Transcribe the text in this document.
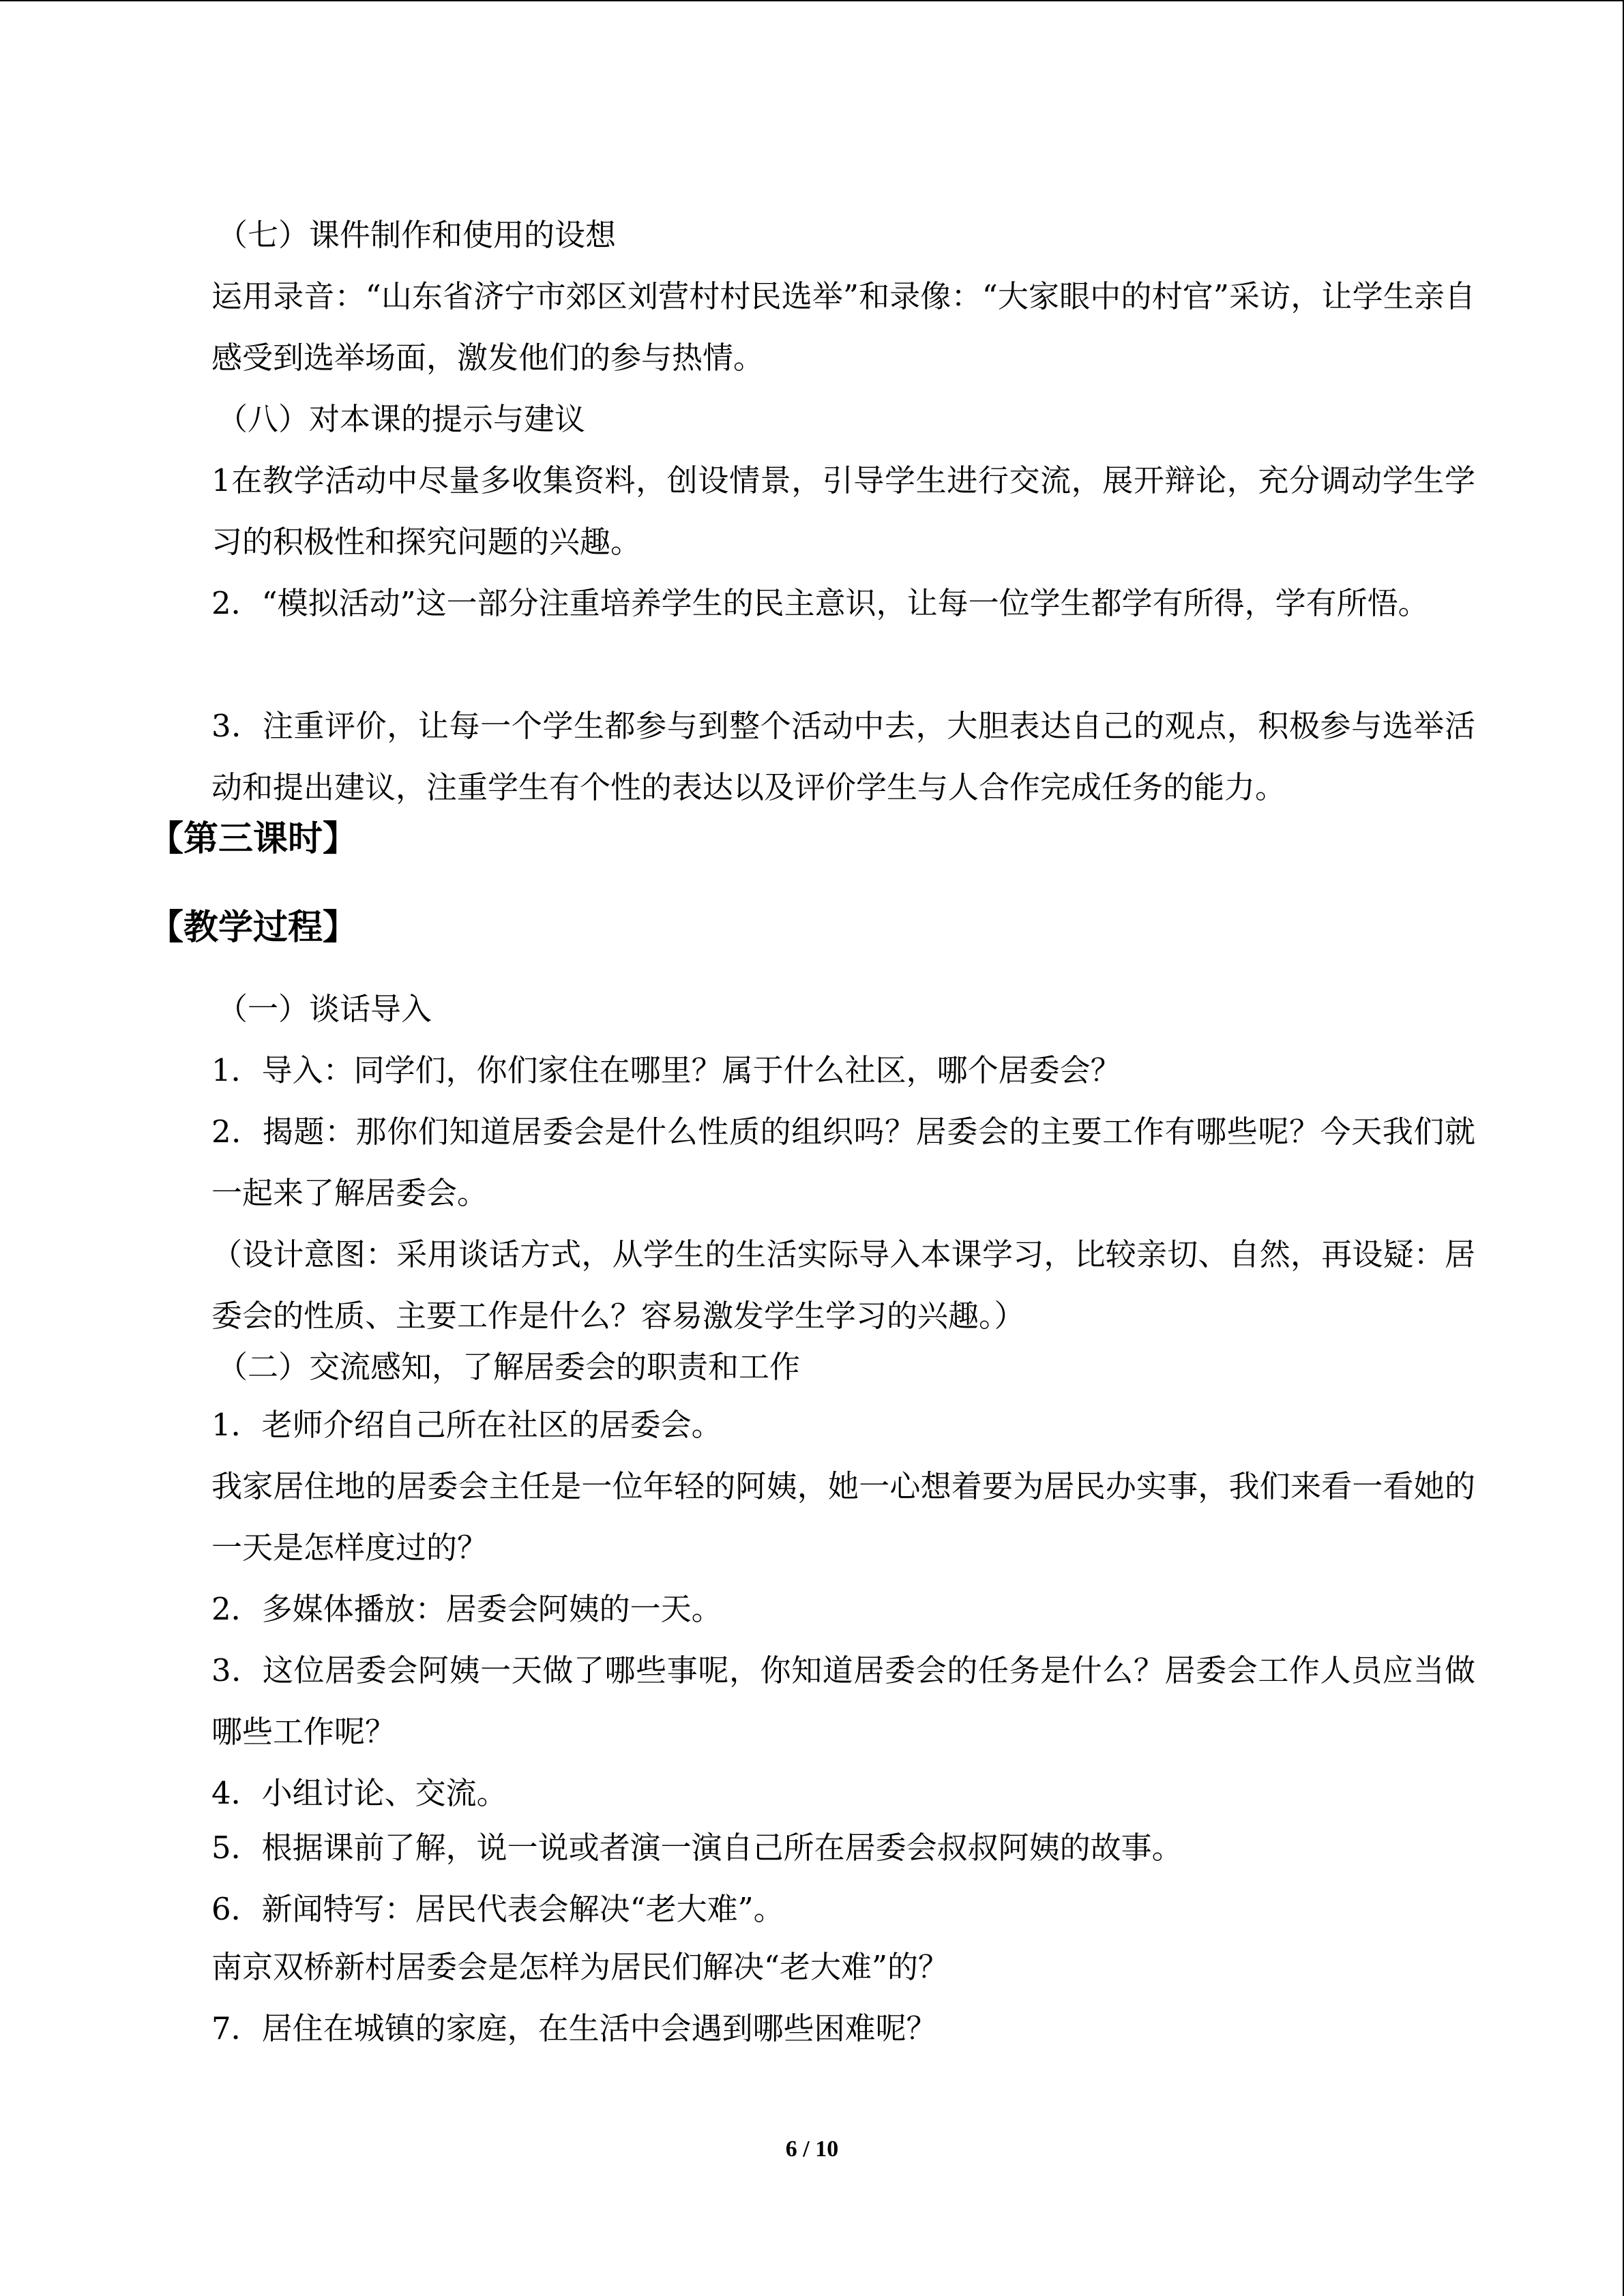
（七）课件制作和使用的设想

运用录音：“山东省济宁市郊区刘营村村民选举”和录像：“大家眼中的村官”采访，让学生亲自感受到选举场面，激发他们的参与热情。

（八）对本课的提示与建议

1在教学活动中尽量多收集资料，创设情景，引导学生进行交流，展开辩论，充分调动学生学习的积极性和探究问题的兴趣。

2．“模拟活动”这一部分注重培养学生的民主意识，让每一位学生都学有所得，学有所悟。

3．注重评价，让每一个学生都参与到整个活动中去，大胆表达自己的观点，积极参与选举活动和提出建议，注重学生有个性的表达以及评价学生与人合作完成任务的能力。

【第三课时】
【教学过程】

（一）谈话导入

1．导入：同学们，你们家住在哪里？属于什么社区，哪个居委会？

2．揭题：那你们知道居委会是什么性质的组织吗？居委会的主要工作有哪些呢？今天我们就一起来了解居委会。

（设计意图：采用谈话方式，从学生的生活实际导入本课学习，比较亲切、自然，再设疑：居委会的性质、主要工作是什么？容易激发学生学习的兴趣。）

（二）交流感知，了解居委会的职责和工作

1．老师介绍自己所在社区的居委会。

我家居住地的居委会主任是一位年轻的阿姨，她一心想着要为居民办实事，我们来看一看她的一天是怎样度过的？

2．多媒体播放：居委会阿姨的一天。

3．这位居委会阿姨一天做了哪些事呢，你知道居委会的任务是什么？居委会工作人员应当做哪些工作呢？

4．小组讨论、交流。

5．根据课前了解，说一说或者演一演自己所在居委会叔叔阿姨的故事。

6．新闻特写：居民代表会解决“老大难”。

南京双桥新村居委会是怎样为居民们解决“老大难”的？

7．居住在城镇的家庭，在生活中会遇到哪些困难呢？

6 / 10
